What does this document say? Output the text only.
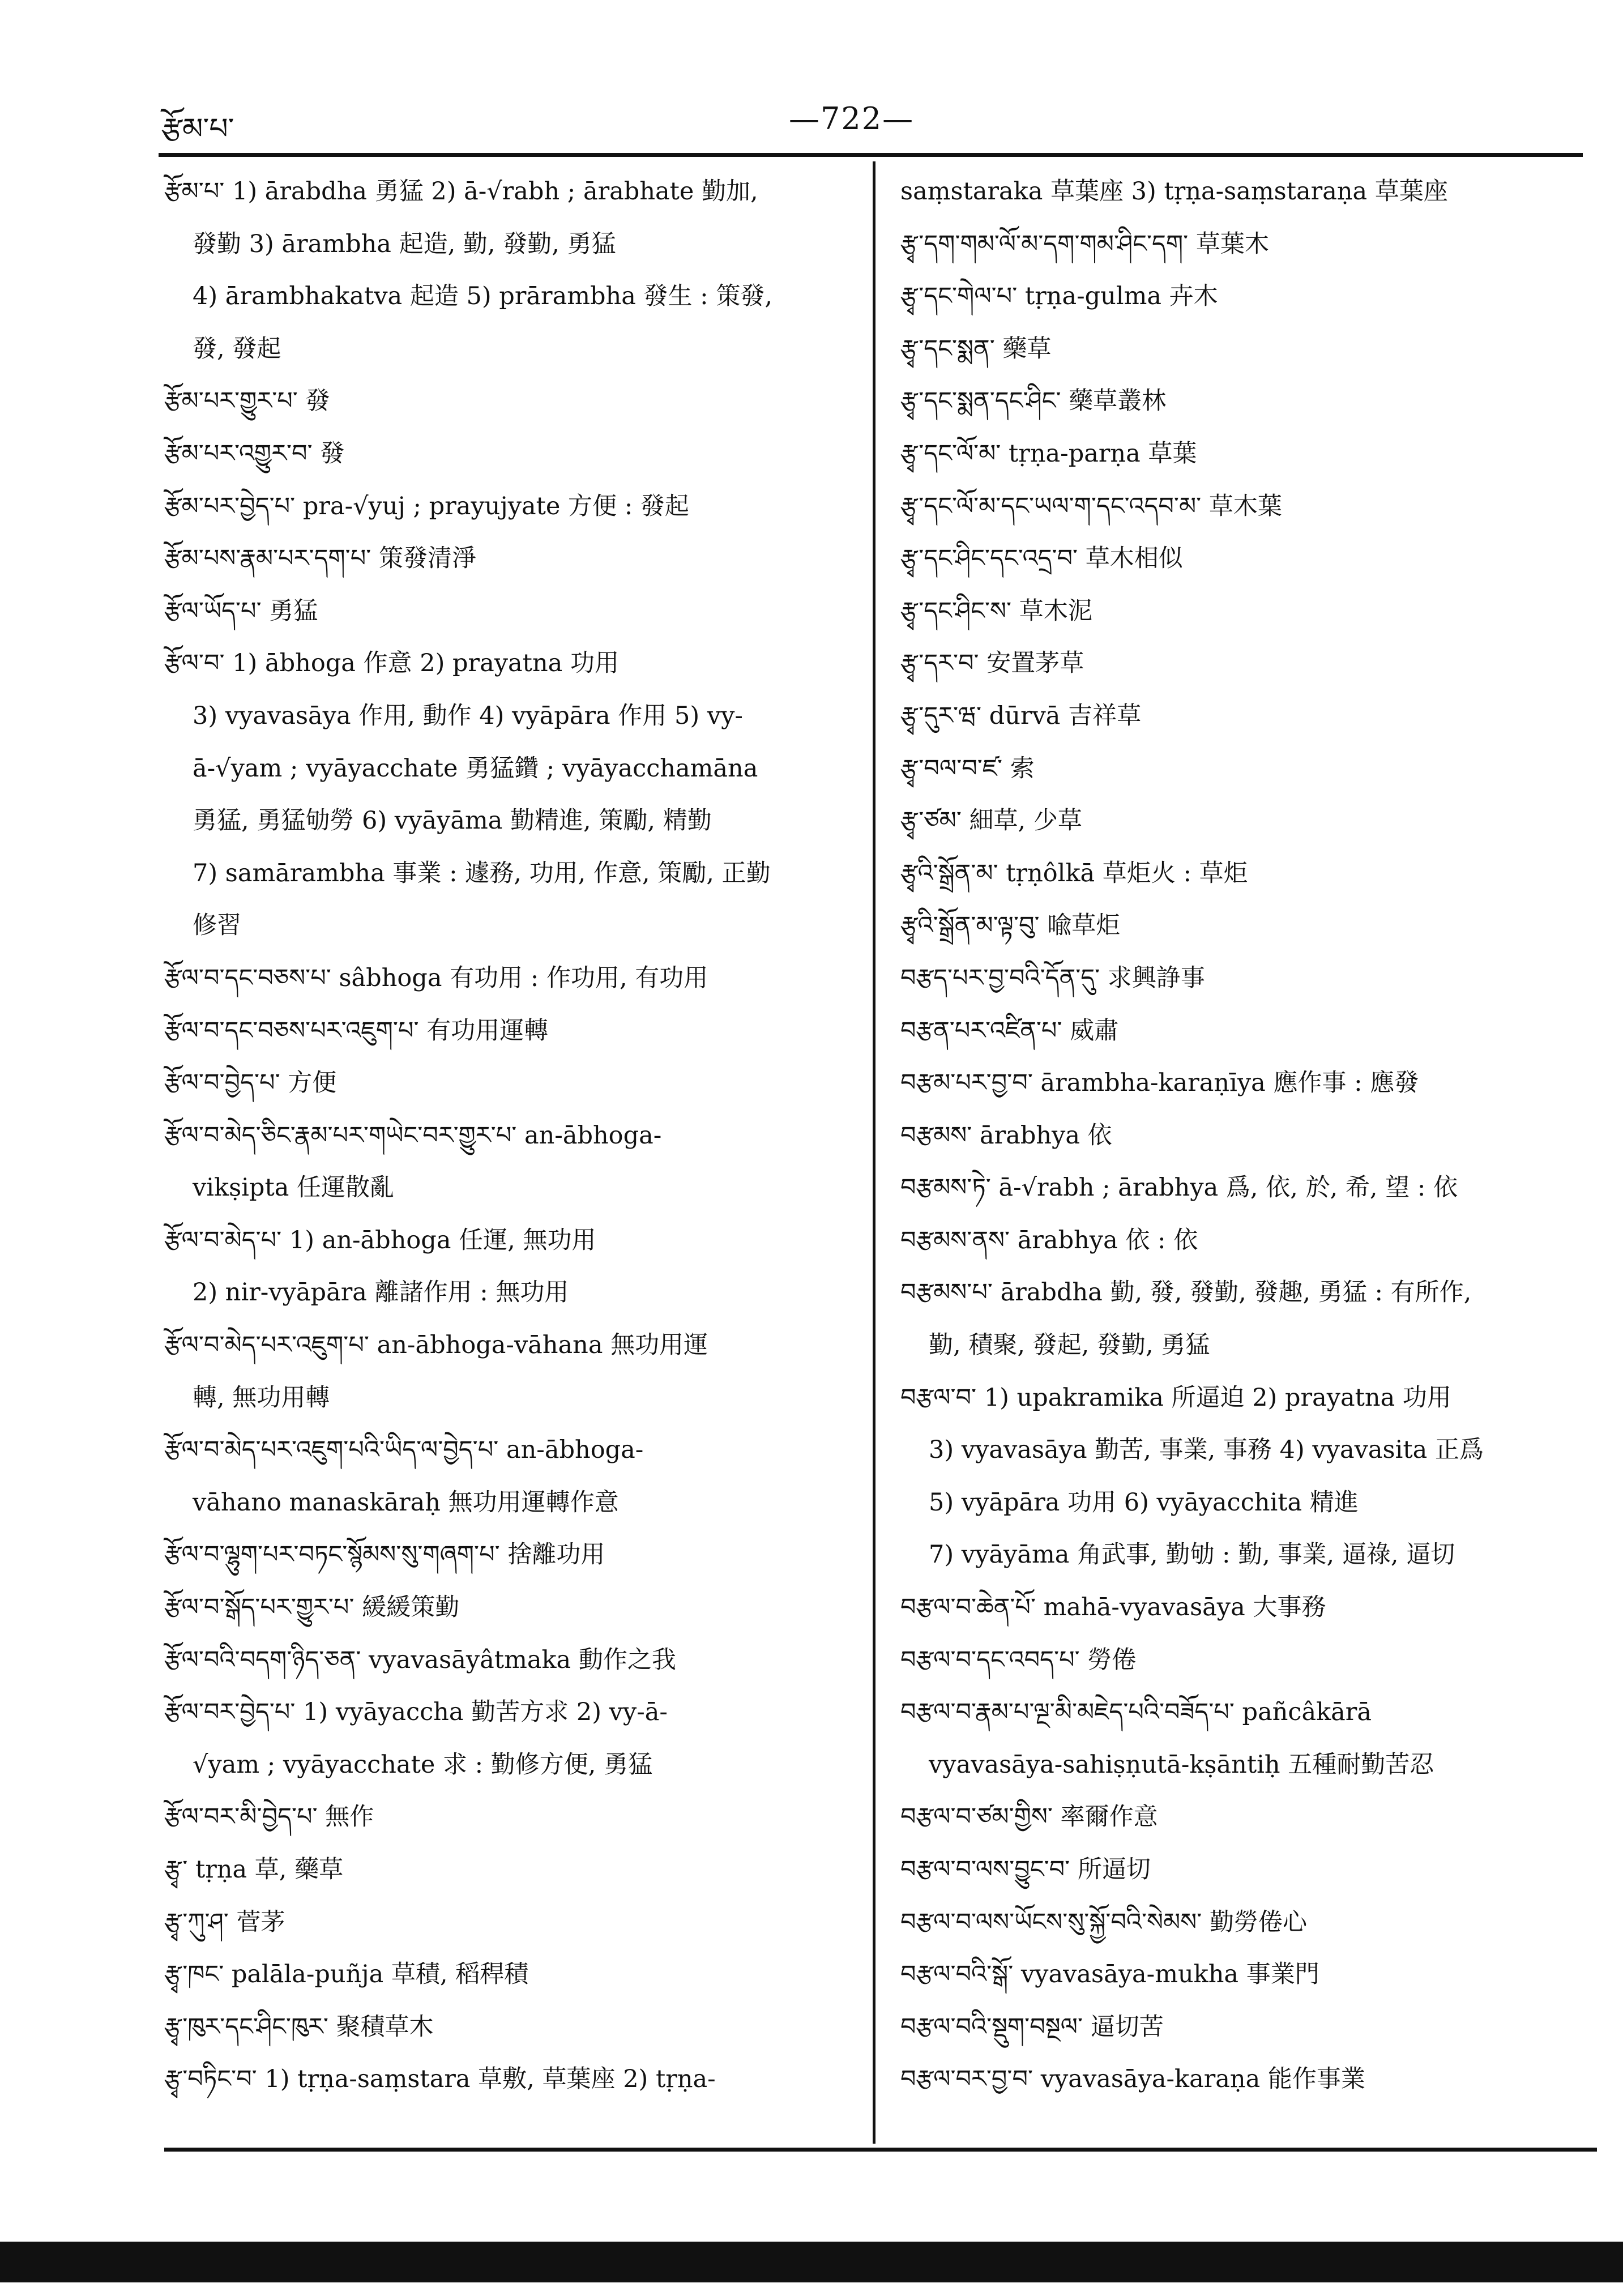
རྩོམ་པ་	—722—
རྩོམ་པ་ 1) ārabdha 勇猛 2) ā-√rabh ; ārabhate 勤加,
發勤 3) ārambha 起造, 勤, 發勤, 勇猛
4) ārambhakatva 起造 5) prārambha 發生 : 策發,
發, 發起
རྩོམ་པར་གྱུར་པ་ 發
རྩོམ་པར་འགྱུར་བ་ 發
རྩོམ་པར་བྱེད་པ་ pra-√yuj ; prayujyate 方便 : 發起
རྩོམ་པས་རྣམ་པར་དག་པ་ 策發清淨
རྩོལ་ཡོད་པ་ 勇猛
རྩོལ་བ་ 1) ābhoga 作意 2) prayatna 功用
3) vyavasāya 作用, 動作 4) vyāpāra 作用 5) vy-
ā-√yam ; vyāyacchate 勇猛鑽 ; vyāyacchamāna
勇猛, 勇猛劬勞 6) vyāyāma 勤精進, 策勵, 精勤
7) samārambha 事業 : 遽務, 功用, 作意, 策勵, 正勤
修習
རྩོལ་བ་དང་བཅས་པ་ sâbhoga 有功用 : 作功用, 有功用
རྩོལ་བ་དང་བཅས་པར་འཇུག་པ་ 有功用運轉
རྩོལ་བ་བྱེད་པ་ 方便
རྩོལ་བ་མེད་ཅིང་རྣམ་པར་གཡེང་བར་གྱུར་པ་ an-ābhoga-
vikṣipta 任運散亂
རྩོལ་བ་མེད་པ་ 1) an-ābhoga 任運, 無功用
2) nir-vyāpāra 離諸作用 : 無功用
རྩོལ་བ་མེད་པར་འཇུག་པ་ an-ābhoga-vāhana 無功用運
轉, 無功用轉
རྩོལ་བ་མེད་པར་འཇུག་པའི་ཡིད་ལ་བྱེད་པ་ an-ābhoga-
vāhano manaskāraḥ 無功用運轉作意
རྩོལ་བ་ལྷུག་པར་བཏང་སྙོམས་སུ་གཞག་པ་ 捨離功用
རྩོལ་བ་སྒོད་པར་གྱུར་པ་ 緩緩策勤
རྩོལ་བའི་བདག་ཉིད་ཅན་ vyavasāyâtmaka 動作之我
རྩོལ་བར་བྱེད་པ་ 1) vyāyaccha 勤苦方求 2) vy-ā-
√yam ; vyāyacchate 求 : 勤修方便, 勇猛
རྩོལ་བར་མི་བྱེད་པ་ 無作
རྩྭ་ tṛṇa 草, 藥草
རྩྭ་ཀུ་ཤ་ 菅茅
རྩྭ་ཁང་ palāla-puñja 草積, 稻稈積
རྩྭ་ཁུར་དང་ཤིང་ཁུར་ 聚積草木
རྩྭ་བཏིང་བ་ 1) tṛṇa-saṃstara 草敷, 草葉座 2) tṛṇa-
saṃstaraka 草葉座 3) tṛṇa-saṃstaraṇa 草葉座
རྩྭ་དག་གམ་ལོ་མ་དག་གམ་ཤིང་དག་ 草葉木
རྩྭ་དང་གེལ་པ་ tṛṇa-gulma 卉木
རྩྭ་དང་སྨན་ 藥草
རྩྭ་དང་སྨན་དང་ཤིང་ 藥草叢林
རྩྭ་དང་ལོ་མ་ tṛṇa-parṇa 草葉
རྩྭ་དང་ལོ་མ་དང་ཡལ་ག་དང་འདབ་མ་ 草木葉
རྩྭ་དང་ཤིང་དང་འདྲ་བ་ 草木相似
རྩྭ་དང་ཤིང་ས་ 草木泥
རྩྭ་དར་བ་ 安置茅草
རྩྭ་དུར་ཝ་ dūrvā 吉祥草
རྩྭ་བལ་བ་ཛ་ 索
རྩྭ་ཙམ་ 細草, 少草
རྩྭའི་སྒྲོན་མ་ tṛṇôlkā 草炬火 : 草炬
རྩྭའི་སྒྲོན་མ་ལྟ་བུ་ 喩草炬
བརྩད་པར་བྱ་བའི་དོན་དུ་ 求興諍事
བརྩན་པར་འཛིན་པ་ 威肅
བརྩམ་པར་བྱ་བ་ ārambha-karaṇīya 應作事 : 應發
བརྩམས་ ārabhya 依
བརྩམས་ཏེ་ ā-√rabh ; ārabhya 爲, 依, 於, 希, 望 : 依
བརྩམས་ནས་ ārabhya 依 : 依
བརྩམས་པ་ ārabdha 勤, 發, 發勤, 發趣, 勇猛 : 有所作,
勤, 積聚, 發起, 發勤, 勇猛
བརྩལ་བ་ 1) upakramika 所逼迫 2) prayatna 功用
3) vyavasāya 勤苦, 事業, 事務 4) vyavasita 正爲
5) vyāpāra 功用 6) vyāyacchita 精進
7) vyāyāma 角武事, 勤劬 : 勤, 事業, 逼祿, 逼切
བརྩལ་བ་ཆེན་པོ་ mahā-vyavasāya 大事務
བརྩལ་བ་དང་འབད་པ་ 勞倦
བརྩལ་བ་རྣམ་པ་ལྔ་མི་མཇེད་པའི་བཟོད་པ་ pañcâkārā
vyavasāya-sahiṣṇutā-kṣāntiḥ 五種耐勤苦忍
བརྩལ་བ་ཙམ་གྱིས་ 率爾作意
བརྩལ་བ་ལས་བྱུང་བ་ 所逼切
བརྩལ་བ་ལས་ཡོངས་སུ་སྐྱོ་བའི་སེམས་ 勤勞倦心
བརྩལ་བའི་སྒོ་ vyavasāya-mukha 事業門
བརྩལ་བའི་སྡུག་བསྔལ་ 逼切苦
བརྩལ་བར་བྱ་བ་ vyavasāya-karaṇa 能作事業
